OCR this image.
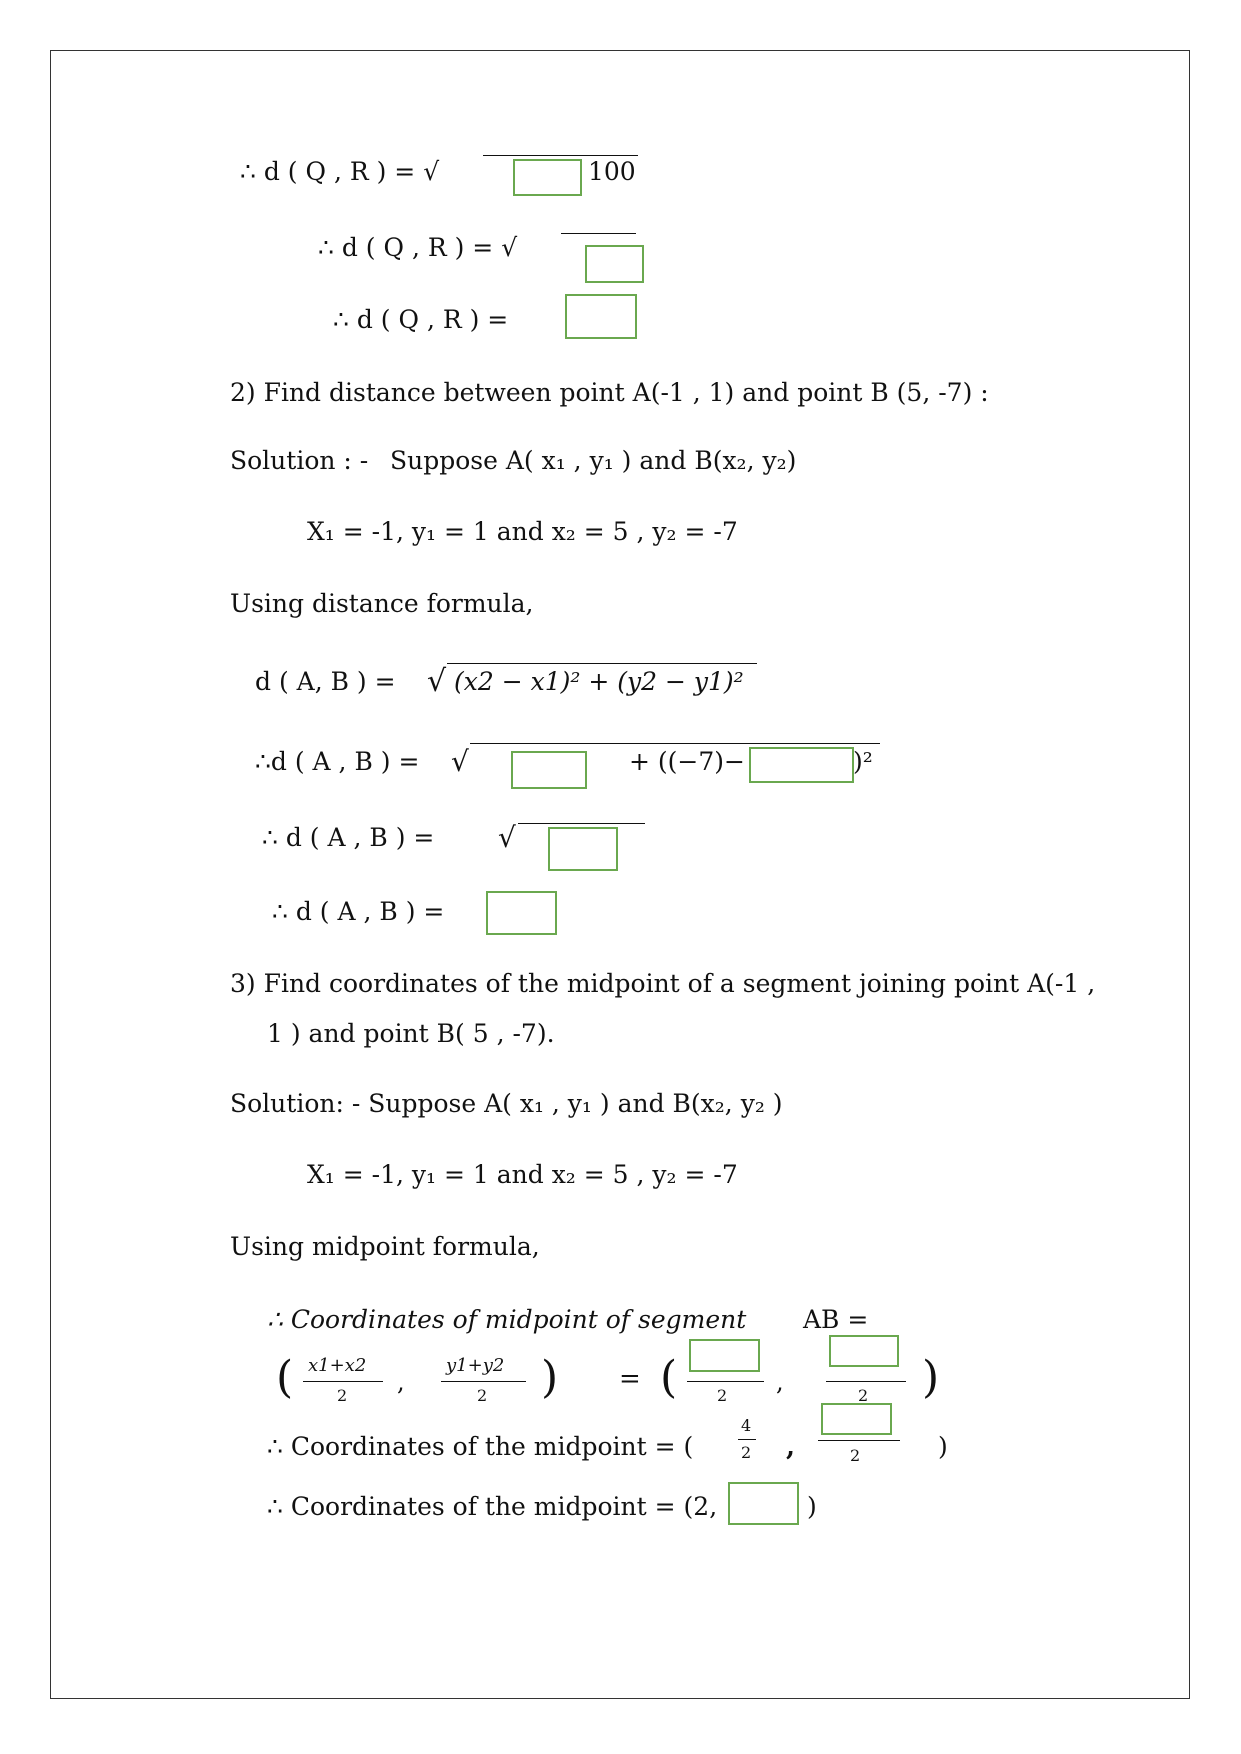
∴ d ( Q , R ) = √	100
∴ d ( Q , R ) = √
∴ d ( Q , R ) =
2) Find distance between point A(-1 , 1) and point B (5, -7) :
Solution : - Suppose A( x₁ , y₁ ) and B(x₂, y₂)
X₁ = -1, y₁ = 1 and x₂ = 5 , y₂ = -7
Using distance formula,
d ( A, B ) = √ (x2 − x1)² + (y2 − y1)²
∴d ( A , B ) = √	+ ((−7)−	)²
∴ d ( A , B ) = √
∴ d ( A , B ) =
3) Find coordinates of the midpoint of a segment joining point A(-1 ,
1 ) and point B( 5 , -7).
Solution: - Suppose A( x₁ , y₁ ) and B(x₂, y₂ )
X₁ = -1, y₁ = 1 and x₂ = 5 , y₂ = -7
Using midpoint formula,
∴ Coordinates of midpoint of segment AB =
( x1+x2
2 ,
y1+y2
2 ) = ( 2 ,	2 )
∴ Coordinates of the midpoint = (
4
2 ,	2	)
∴ Coordinates of the midpoint = (2,	)
